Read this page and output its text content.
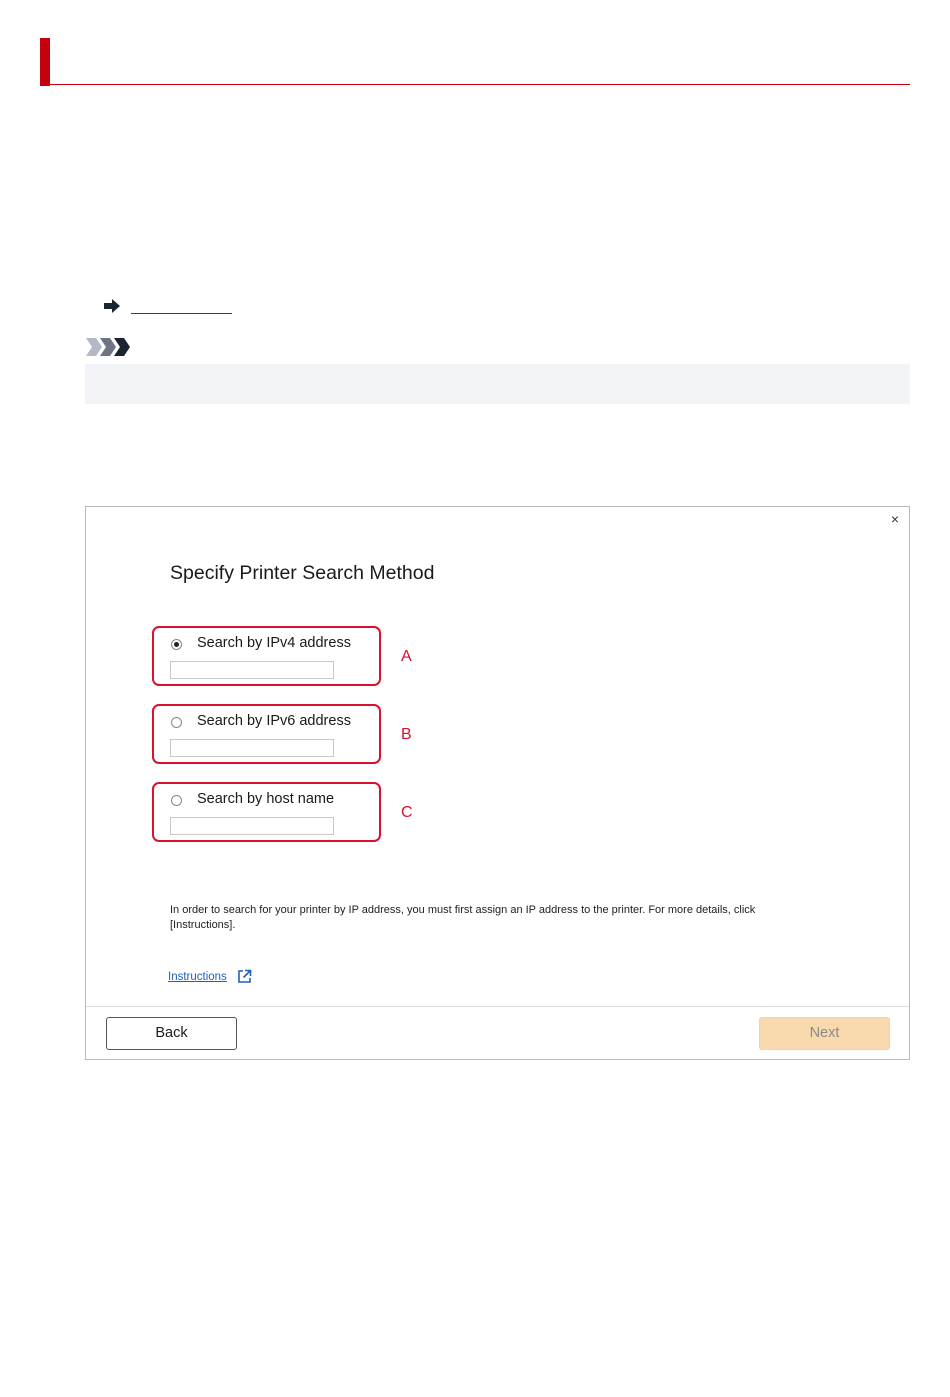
×
Specify Printer Search Method
Search by IPv4 address
A
Search by IPv6 address
B
Search by host name
C
In order to search for your printer by IP address, you must first assign an IP address to the printer. For more details, click [Instructions].
Instructions
Back	Next
